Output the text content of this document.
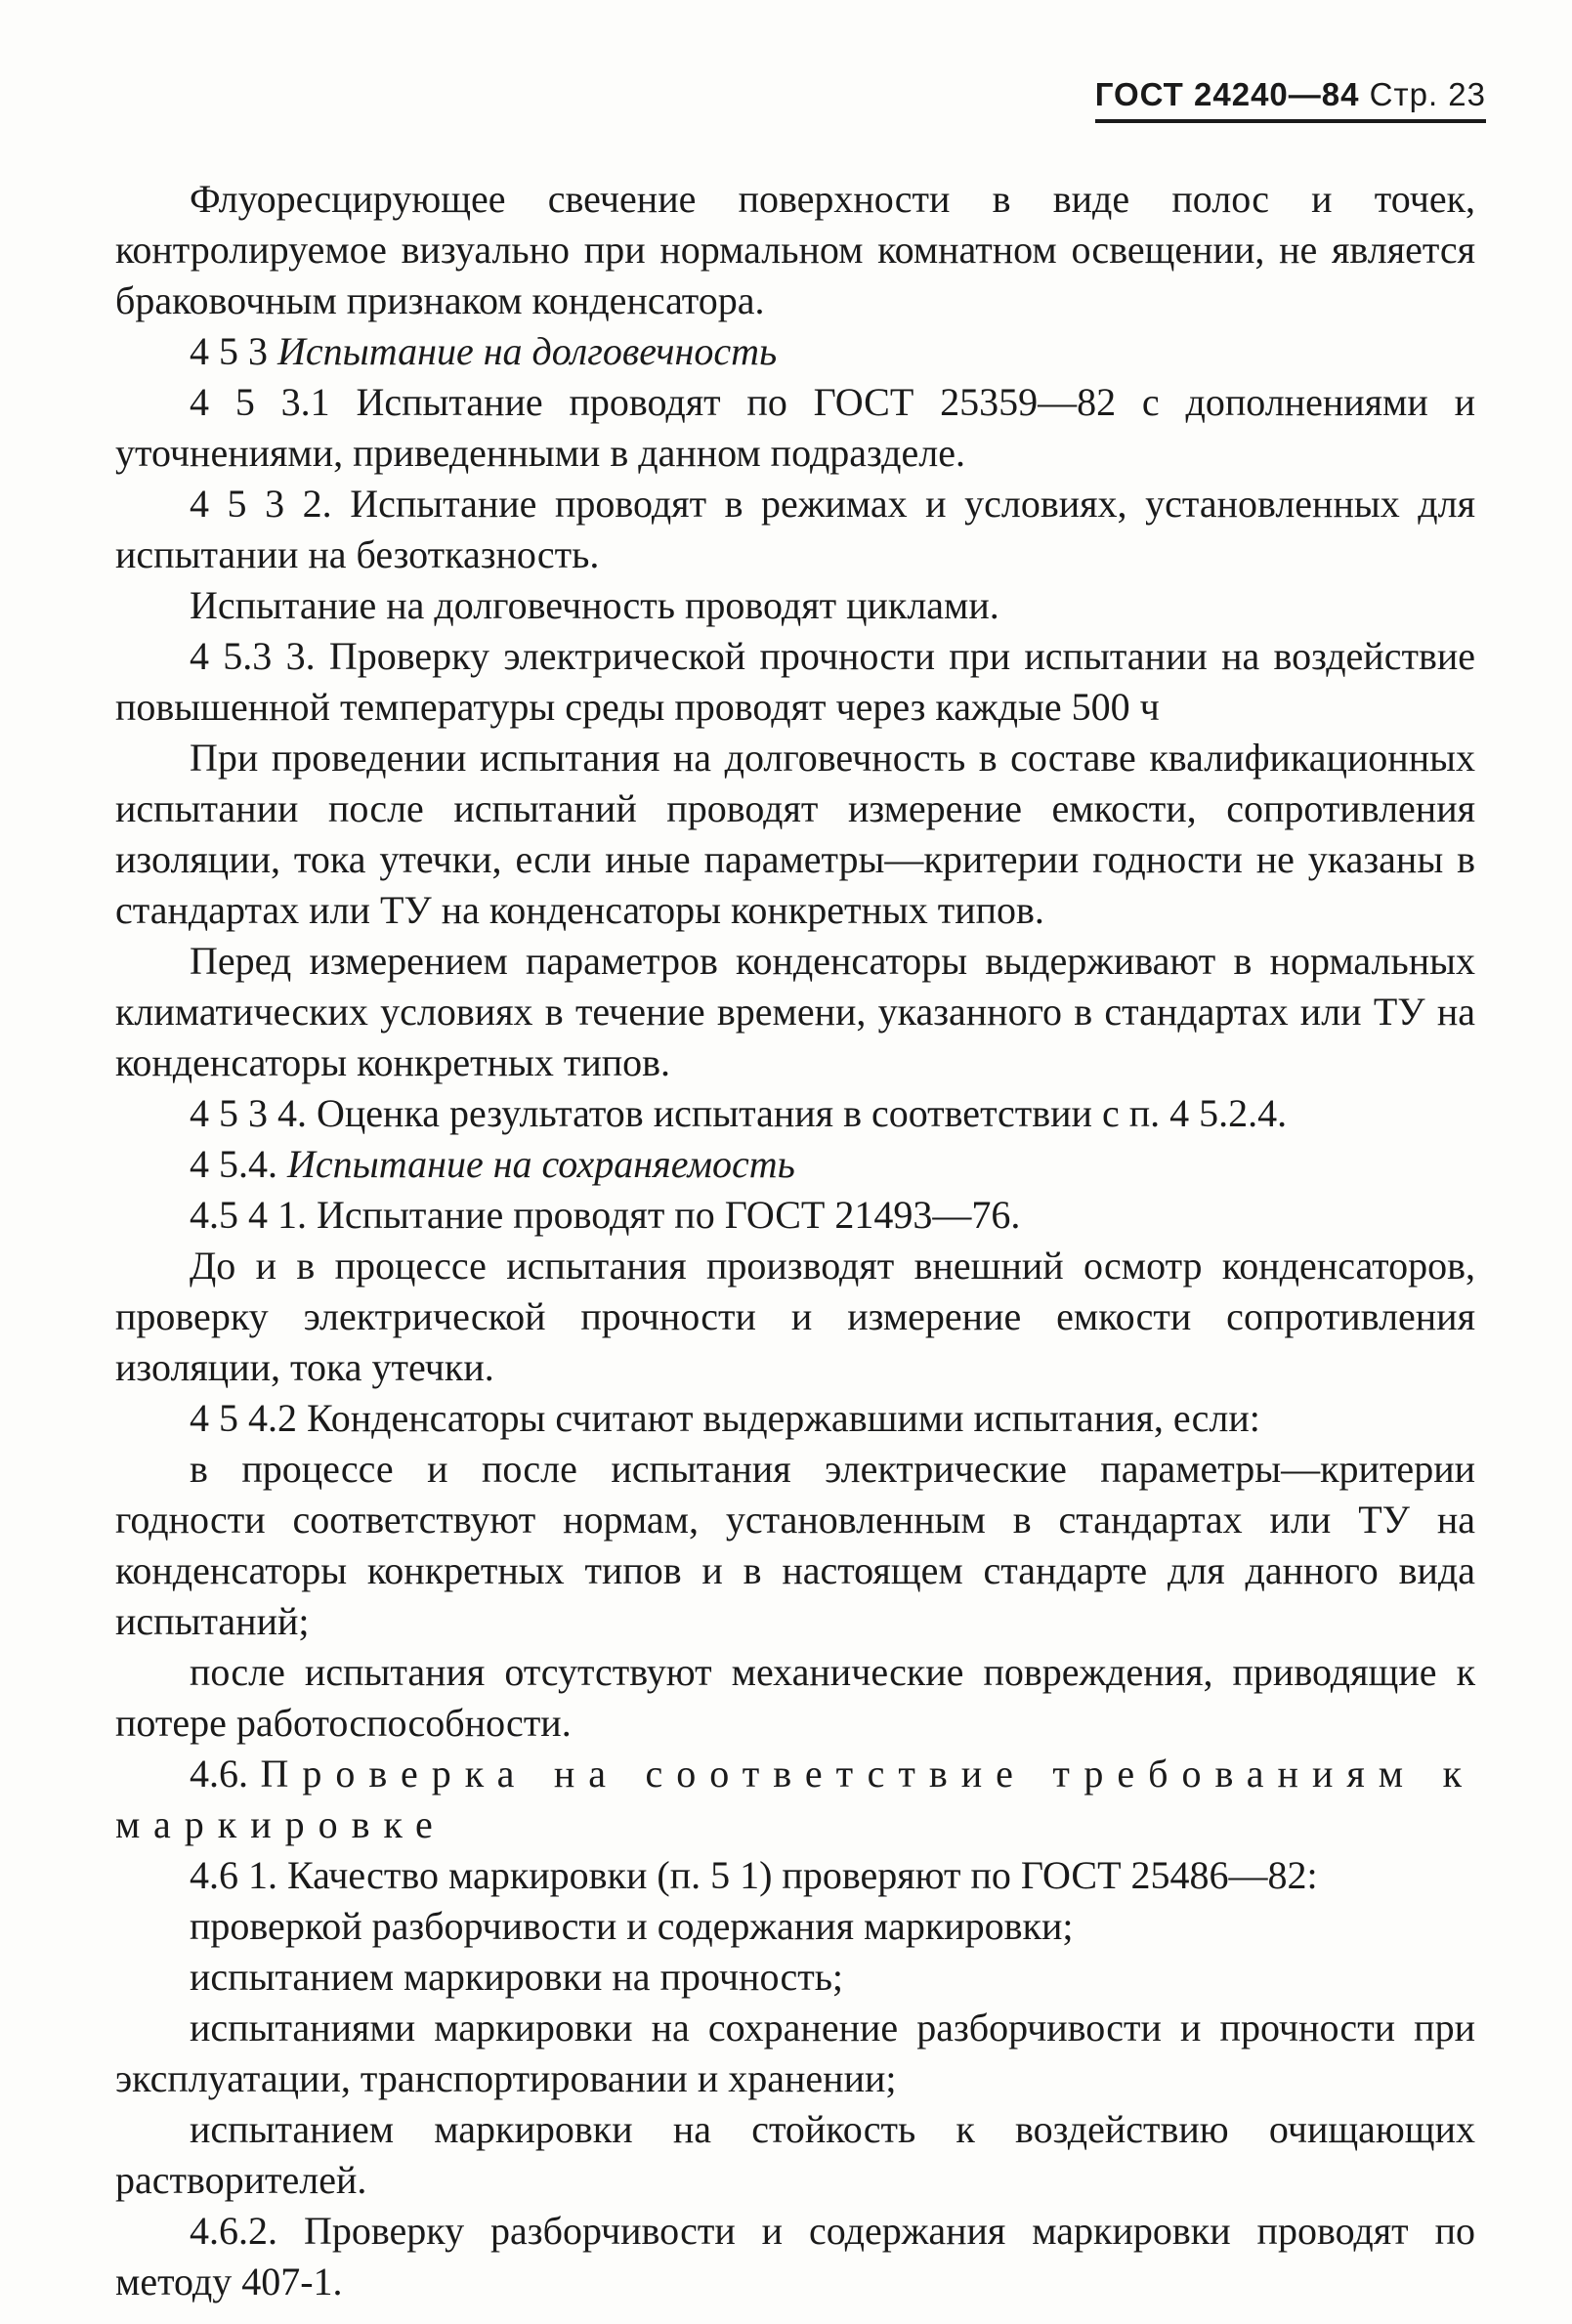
ГОСТ 24240—84 Стр. 23

Флуоресцирующее свечение поверхности в виде полос и точек, контролируемое визуально при нормальном комнатном освещении, не является браковочным признаком конденсатора.

4 5 3 Испытание на долговечность

4 5 3.1 Испытание проводят по ГОСТ 25359—82 с дополнениями и уточнениями, приведенными в данном подразделе.

4 5 3 2. Испытание проводят в режимах и условиях, установленных для испытании на безотказность.

Испытание на долговечность проводят циклами.

4 5.3 3. Проверку электрической прочности при испытании на воздействие повышенной температуры среды проводят через каждые 500 ч

При проведении испытания на долговечность в составе квалификационных испытании после испытаний проводят измерение емкости, сопротивления изоляции, тока утечки, если иные параметры—критерии годности не указаны в стандартах или ТУ на конденсаторы конкретных типов.

Перед измерением параметров конденсаторы выдерживают в нормальных климатических условиях в течение времени, указанного в стандартах или ТУ на конденсаторы конкретных типов.

4 5 3 4. Оценка результатов испытания в соответствии с п. 4 5.2.4.

4 5.4. Испытание на сохраняемость

4.5 4 1. Испытание проводят по ГОСТ 21493—76.

До и в процессе испытания производят внешний осмотр конденсаторов, проверку электрической прочности и измерение емкости сопротивления изоляции, тока утечки.

4 5 4.2 Конденсаторы считают выдержавшими испытания, если:

в процессе и после испытания электрические параметры—критерии годности соответствуют нормам, установленным в стандартах или ТУ на конденсаторы конкретных типов и в настоящем стандарте для данного вида испытаний;

после испытания отсутствуют механические повреждения, приводящие к потере работоспособности.

4.6. Проверка на соответствие требованиям к маркировке

4.6 1. Качество маркировки (п. 5 1) проверяют по ГОСТ 25486—82:

проверкой разборчивости и содержания маркировки;

испытанием маркировки на прочность;

испытаниями маркировки на сохранение разборчивости и прочности при эксплуатации, транспортировании и хранении;

испытанием маркировки на стойкость к воздействию очищающих растворителей.

4.6.2. Проверку разборчивости и содержания маркировки проводят по методу 407-1.
